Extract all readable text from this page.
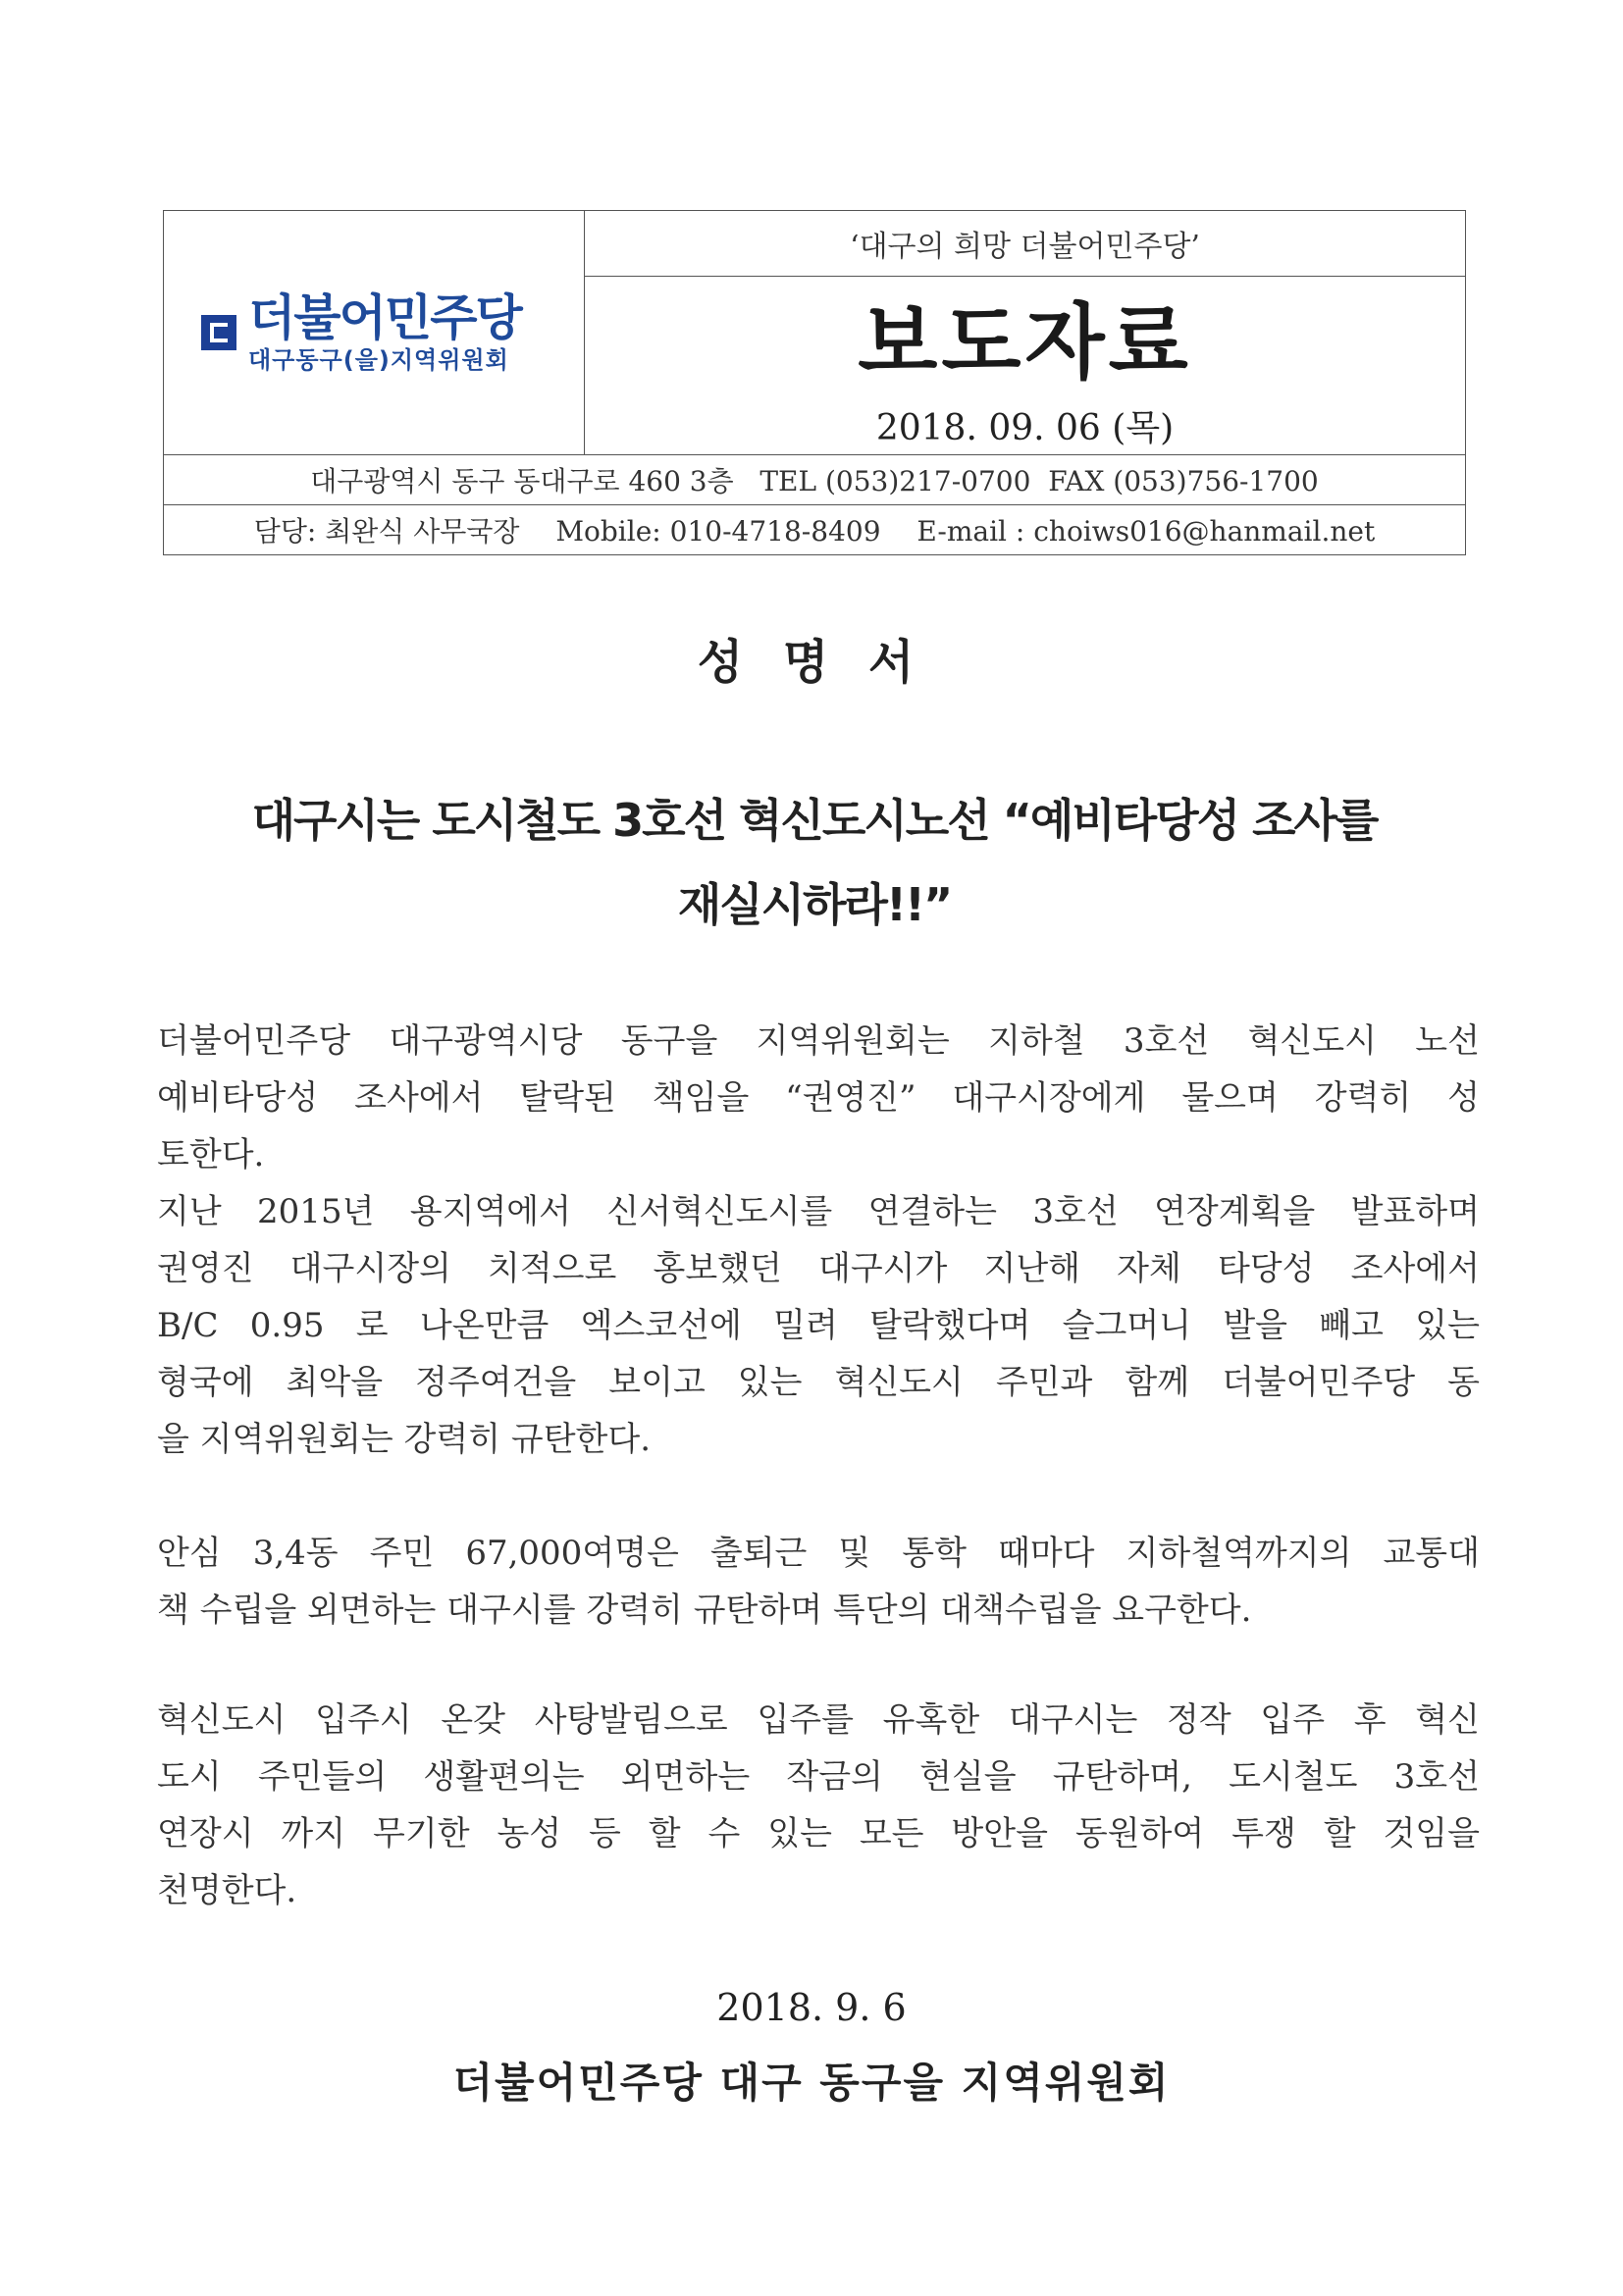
더불어민주당
대구동구(을)지역위원회
	‘대구의 희망 더불어민주당’
보도자료
2018. 09. 06 (목)
대구광역시 동구 동대구로 460 3층   TEL (053)217-0700  FAX (053)756-1700
담당: 최완식 사무국장 Mobile: 010-4718-8409 E-mail : choiws016@hanmail.net
성 명 서
대구시는 도시철도 3호선 혁신도시노선 “예비타당성 조사를
재실시하라!!”
더불어민주당 대구광역시당 동구을 지역위원회는 지하철 3호선 혁신도시 노선
예비타당성 조사에서 탈락된 책임을 “권영진” 대구시장에게 물으며 강력히 성
토한다.
지난 2015년 용지역에서 신서혁신도시를 연결하는 3호선 연장계획을 발표하며
권영진 대구시장의 치적으로 홍보했던 대구시가 지난해 자체 타당성 조사에서
B/C 0.95 로 나온만큼 엑스코선에 밀려 탈락했다며 슬그머니 발을 빼고 있는
형국에 최악을 정주여건을 보이고 있는 혁신도시 주민과 함께 더불어민주당 동
을 지역위원회는 강력히 규탄한다.
안심 3,4동 주민 67,000여명은 출퇴근 및 통학 때마다 지하철역까지의 교통대
책 수립을 외면하는 대구시를 강력히 규탄하며 특단의 대책수립을 요구한다.
혁신도시 입주시 온갖 사탕발림으로 입주를 유혹한 대구시는 정작 입주 후 혁신
도시 주민들의 생활편의는 외면하는 작금의 현실을 규탄하며, 도시철도 3호선
연장시 까지 무기한 농성 등 할 수 있는 모든 방안을 동원하여 투쟁 할 것임을
천명한다.
2018. 9. 6
더불어민주당 대구 동구을 지역위원회
